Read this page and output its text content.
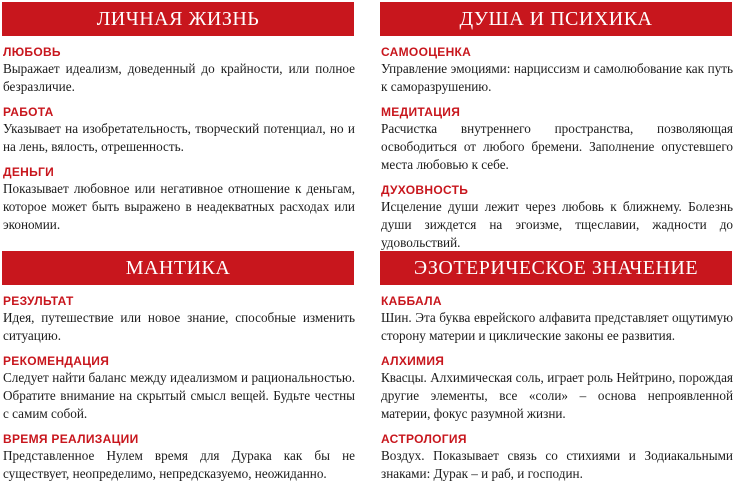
ЛИЧНАЯ ЖИЗНЬ
ЛЮБОВЬ
Выражает идеализм, доведенный до крайности, или полное безразличие.
РАБОТА
Указывает на изобретательность, творческий потенциал, но и на лень, вялость, отрешенность.
ДЕНЬГИ
Показывает любовное или негативное отношение к деньгам, которое может быть выражено в неадекватных расходах или экономии.
ДУША И ПСИХИКА
САМООЦЕНКА
Управление эмоциями: нарциссизм и самолюбование как путь к саморазрушению.
МЕДИТАЦИЯ
Расчистка внутреннего пространства, позволяющая освободиться от любого бремени. Заполнение опустевшего места любовью к себе.
ДУХОВНОСТЬ
Исцеление души лежит через любовь к ближнему. Болезнь души зиждется на эгоизме, тщеславии, жадности до удовольствий.
МАНТИКА
РЕЗУЛЬТАТ
Идея, путешествие или новое знание, способные изменить ситуацию.
РЕКОМЕНДАЦИЯ
Следует найти баланс между идеализмом и рациональностью. Обратите внимание на скрытый смысл вещей. Будьте честны с самим собой.
ВРЕМЯ РЕАЛИЗАЦИИ
Представленное Нулем время для Дурака как бы не существует, неопределимо, непредсказуемо, неожиданно.
ЭЗОТЕРИЧЕСКОЕ ЗНАЧЕНИЕ
КАББАЛА
Шин. Эта буква еврейского алфавита представляет ощутимую сторону материи и циклические законы ее развития.
АЛХИМИЯ
Квасцы. Алхимическая соль, играет роль Нейтрино, порождая другие элементы, все «соли» – основа непроявленной материи, фокус разумной жизни.
АСТРОЛОГИЯ
Воздух. Показывает связь со стихиями и Зодиакальными знаками: Дурак – и раб, и господин.
